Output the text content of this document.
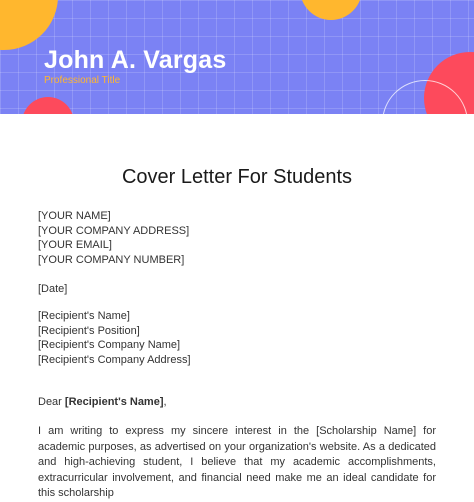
John A. Vargas
Professional Title
Cover Letter For Students
[YOUR NAME]
[YOUR COMPANY ADDRESS]
[YOUR EMAIL]
[YOUR COMPANY NUMBER]
[Date]
[Recipient's Name]
[Recipient's Position]
[Recipient's Company Name]
[Recipient's Company Address]
Dear [Recipient's Name],
I am writing to express my sincere interest in the [Scholarship Name] for academic purposes, as advertised on your organization's website. As a dedicated and high-achieving student, I believe that my academic accomplishments, extracurricular involvement, and financial need make me an ideal candidate for this scholarship
